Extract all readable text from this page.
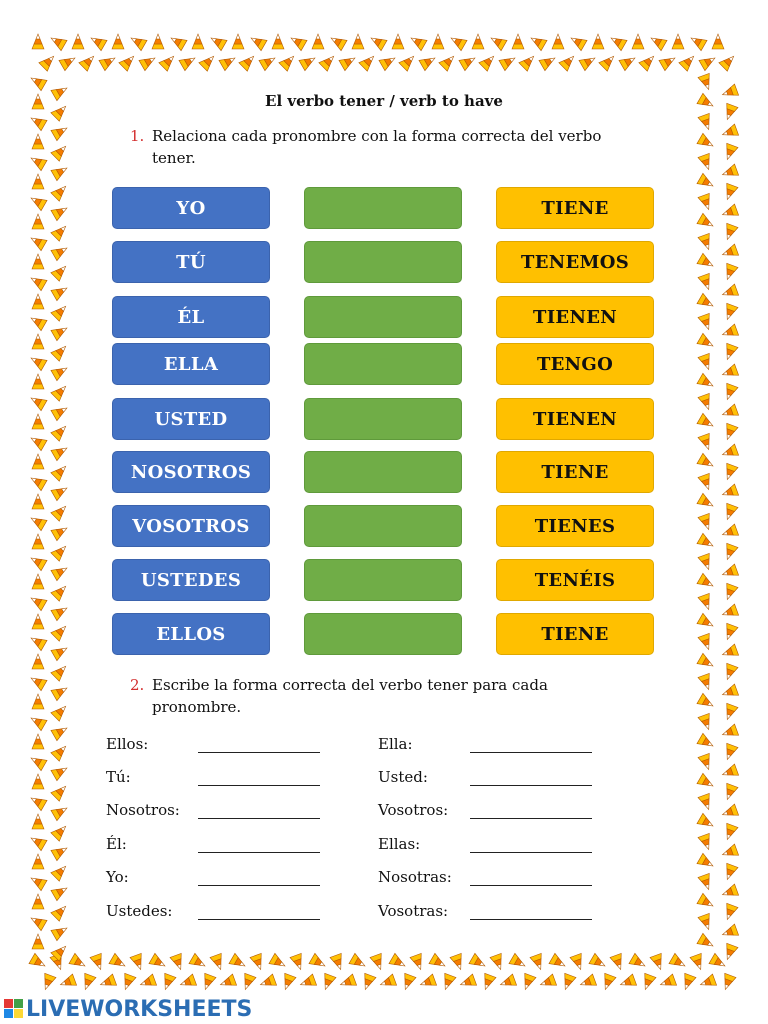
El verbo tener / verb to have
1. Relaciona cada pronombre con la forma correcta del verbo
tener.
YO
TÚ
ÉL
ELLA
USTED
NOSOTROS
VOSOTROS
USTEDES
ELLOS
TIENE
TENEMOS
TIENEN
TENGO
TIENEN
TIENE
TIENES
TENÉIS
TIENE
2. Escribe la forma correcta del verbo tener para cada
pronombre.
Ellos:
Tú:
Nosotros:
Él:
Yo:
Ustedes:
Ella:
Usted:
Vosotros:
Ellas:
Nosotras:
Vosotras:
LIVEWORKSHEETS
